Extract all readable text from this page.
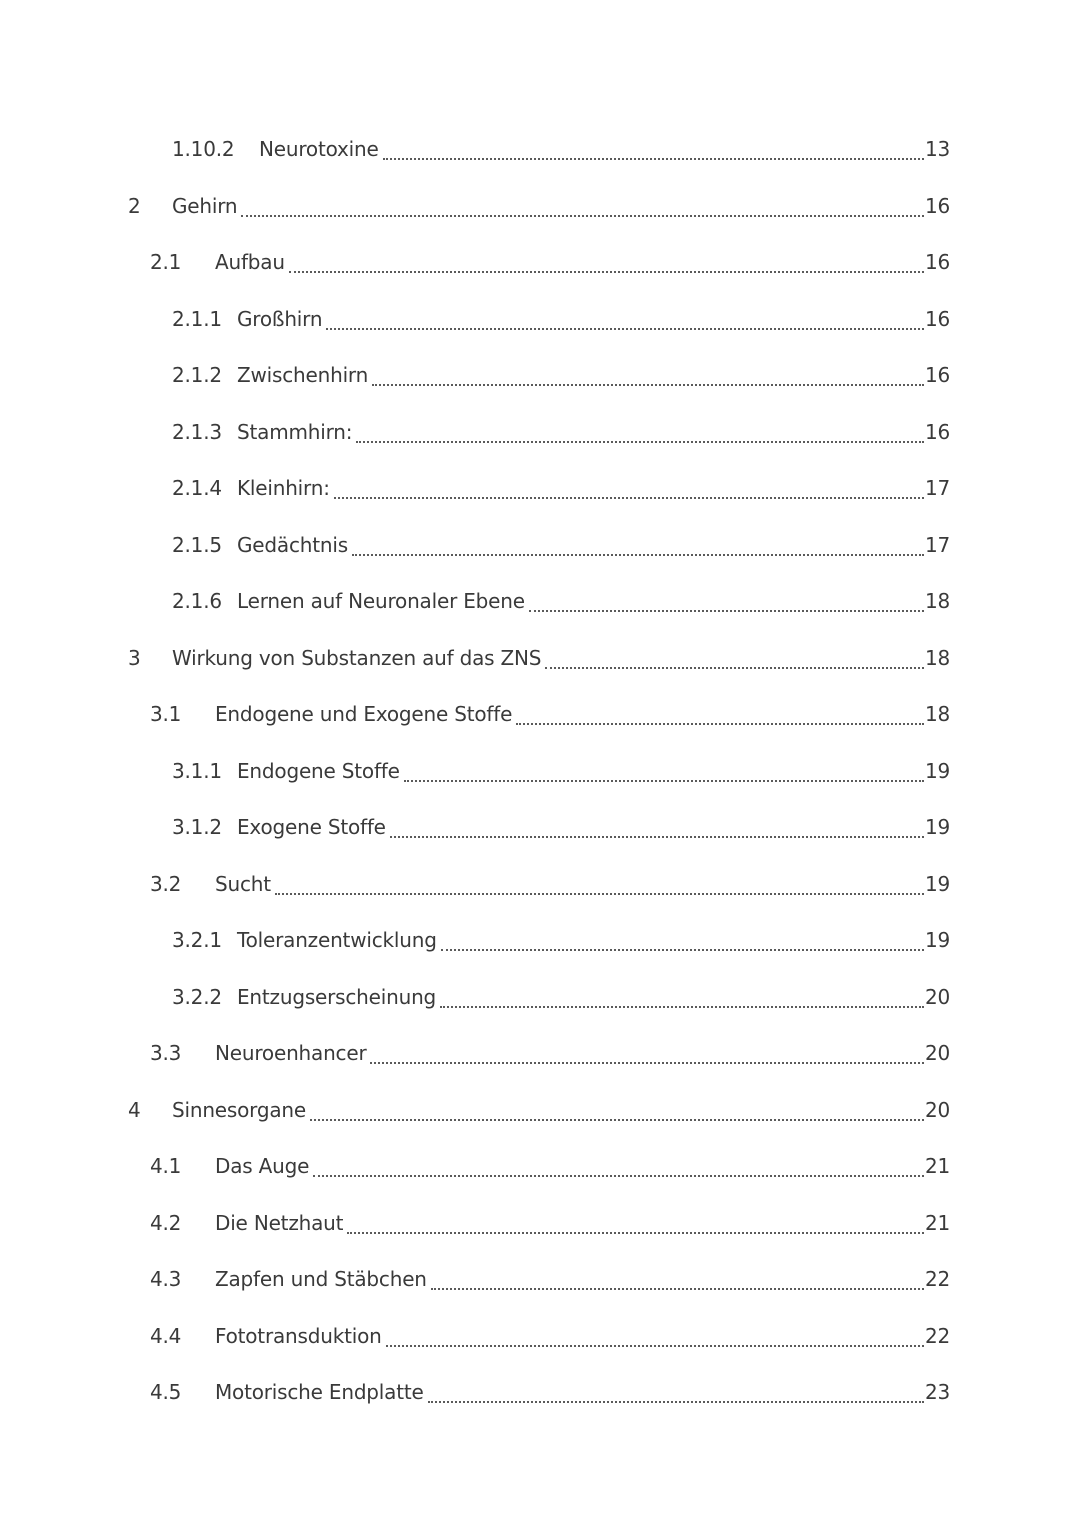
1.10.2 Neurotoxine	13
2 Gehirn	16
2.1 Aufbau	16
2.1.1 Großhirn	16
2.1.2 Zwischenhirn	16
2.1.3 Stammhirn:	16
2.1.4 Kleinhirn:	17
2.1.5 Gedächtnis	17
2.1.6 Lernen auf Neuronaler Ebene	18
3 Wirkung von Substanzen auf das ZNS	18
3.1 Endogene und Exogene Stoffe	18
3.1.1 Endogene Stoffe	19
3.1.2 Exogene Stoffe	19
3.2 Sucht	19
3.2.1 Toleranzentwicklung	19
3.2.2 Entzugserscheinung	20
3.3 Neuroenhancer	20
4 Sinnesorgane	20
4.1 Das Auge	21
4.2 Die Netzhaut	21
4.3 Zapfen und Stäbchen	22
4.4 Fototransduktion	22
4.5 Motorische Endplatte	23
